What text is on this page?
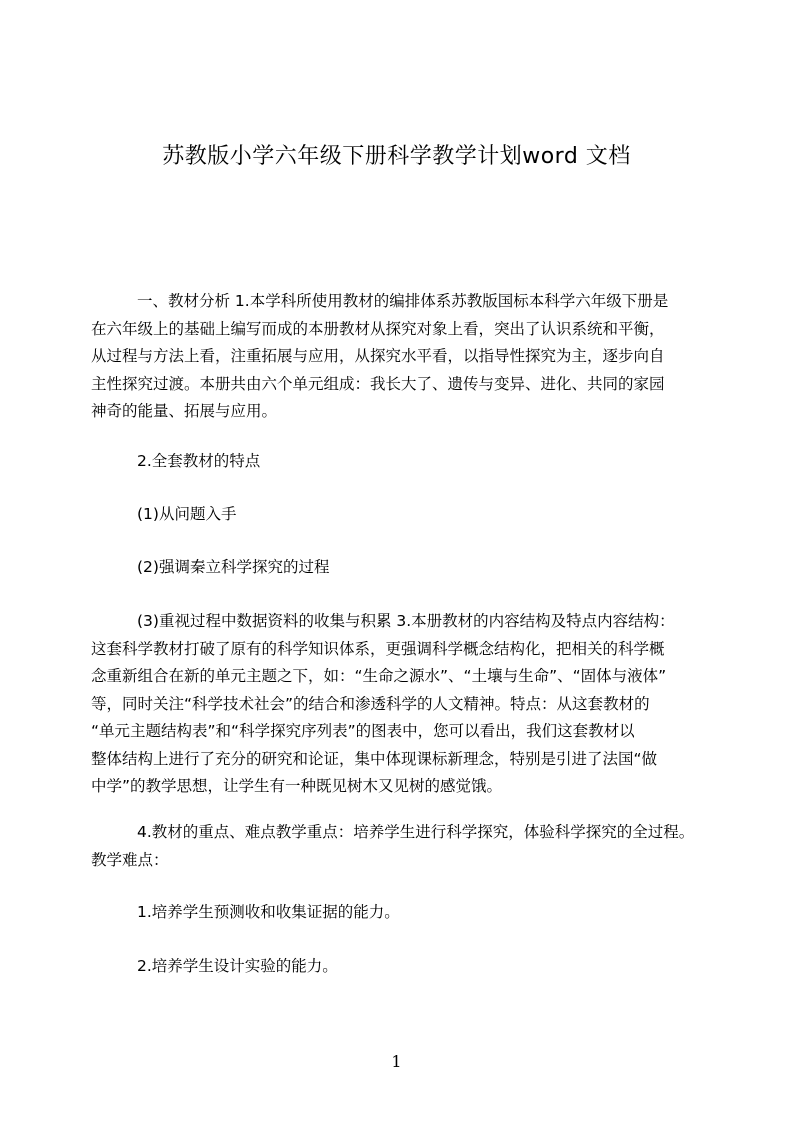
苏教版小学六年级下册科学教学计划word 文档
一、教材分析 1.本学科所使用教材的编排体系苏教版国标本科学六年级下册是
在六年级上的基础上编写而成的本册教材从探究对象上看，突出了认识系统和平衡，
从过程与方法上看，注重拓展与应用，从探究水平看，以指导性探究为主，逐步向自
主性探究过渡。本册共由六个单元组成：我长大了、遗传与变异、进化、共同的家园
神奇的能量、拓展与应用。
2.全套教材的特点
(1)从问题入手
(2)强调秦立科学探究的过程
(3)重视过程中数据资料的收集与积累 3.本册教材的内容结构及特点内容结构：
这套科学教材打破了原有的科学知识体系，更强调科学概念结构化，把相关的科学概
念重新组合在新的单元主题之下，如：“生命之源水”、“土壤与生命”、“固体与液体”
等，同时关注“科学技术社会”的结合和渗透科学的人文精神。特点：从这套教材的
“单元主题结构表”和“科学探究序列表”的图表中，您可以看出，我们这套教材以
整体结构上进行了充分的研究和论证，集中体现课标新理念，特别是引进了法国“做
中学”的教学思想，让学生有一种既见树木又见树的感觉饿。
4.教材的重点、难点教学重点：培养学生进行科学探究，体验科学探究的全过程。
教学难点：
1.培养学生预测收和收集证据的能力。
2.培养学生设计实验的能力。
1
